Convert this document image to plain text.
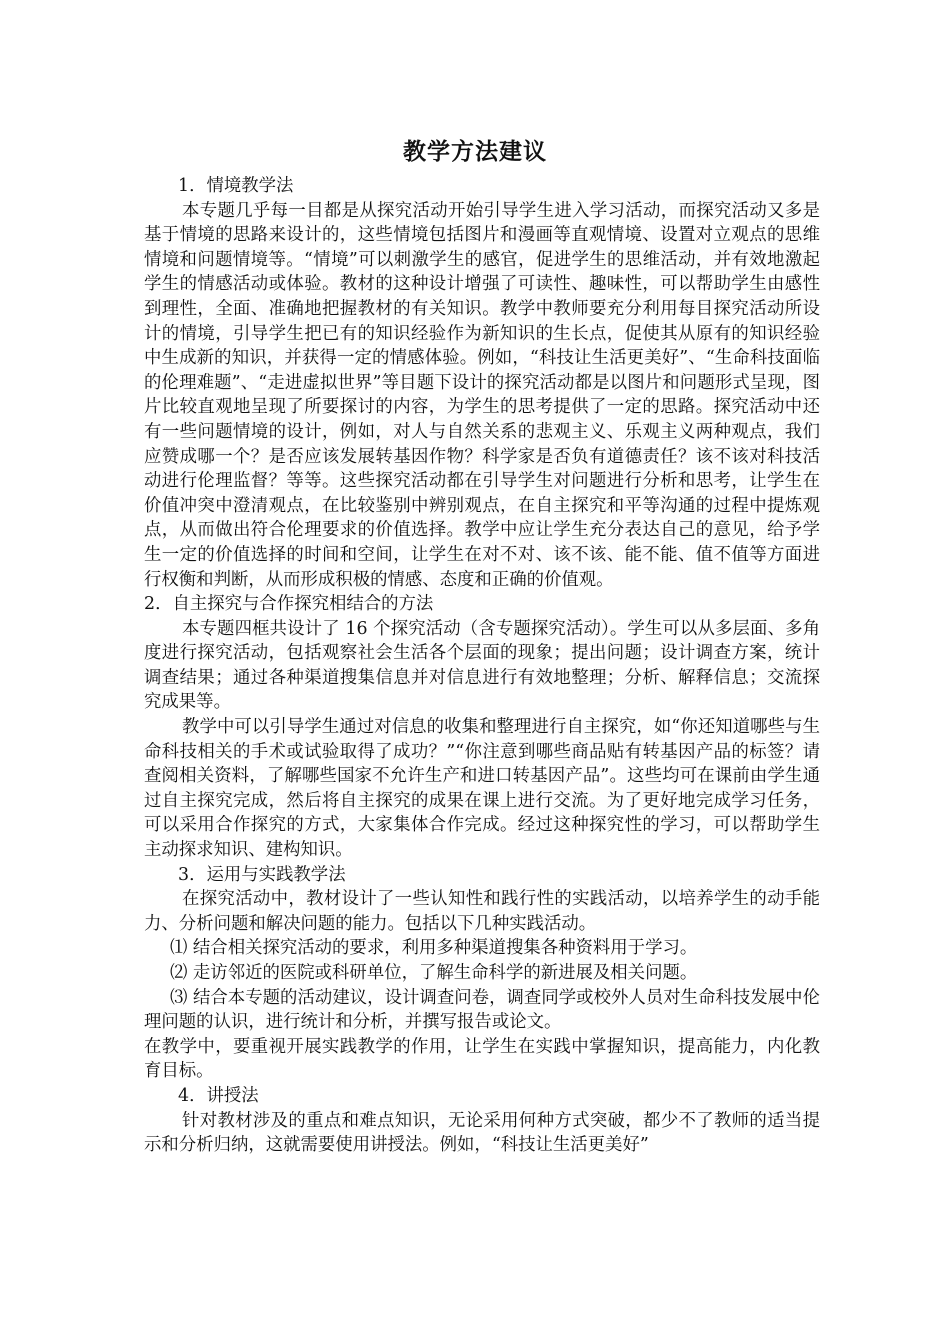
教学方法建议

1．情境教学法

本专题几乎每一目都是从探究活动开始引导学生进入学习活动，而探究活动又多是基于情境的思路来设计的，这些情境包括图片和漫画等直观情境、设置对立观点的思维情境和问题情境等。“情境”可以刺激学生的感官，促进学生的思维活动，并有效地激起学生的情感活动或体验。教材的这种设计增强了可读性、趣味性，可以帮助学生由感性到理性，全面、准确地把握教材的有关知识。教学中教师要充分利用每目探究活动所设计的情境，引导学生把已有的知识经验作为新知识的生长点，促使其从原有的知识经验中生成新的知识，并获得一定的情感体验。例如，“科技让生活更美好”、“生命科技面临的伦理难题”、“走进虚拟世界”等目题下设计的探究活动都是以图片和问题形式呈现，图片比较直观地呈现了所要探讨的内容，为学生的思考提供了一定的思路。探究活动中还有一些问题情境的设计，例如，对人与自然关系的悲观主义、乐观主义两种观点，我们应赞成哪一个？是否应该发展转基因作物？科学家是否负有道德责任？该不该对科技活动进行伦理监督？等等。这些探究活动都在引导学生对问题进行分析和思考，让学生在价值冲突中澄清观点，在比较鉴别中辨别观点，在自主探究和平等沟通的过程中提炼观点，从而做出符合伦理要求的价值选择。教学中应让学生充分表达自己的意见，给予学生一定的价值选择的时间和空间，让学生在对不对、该不该、能不能、值不值等方面进行权衡和判断，从而形成积极的情感、态度和正确的价值观。

2．自主探究与合作探究相结合的方法

本专题四框共设计了 16 个探究活动（含专题探究活动）。学生可以从多层面、多角度进行探究活动，包括观察社会生活各个层面的现象；提出问题；设计调查方案，统计调查结果；通过各种渠道搜集信息并对信息进行有效地整理；分析、解释信息；交流探究成果等。

教学中可以引导学生通过对信息的收集和整理进行自主探究，如“你还知道哪些与生命科技相关的手术或试验取得了成功？”“你注意到哪些商品贴有转基因产品的标签？请查阅相关资料，了解哪些国家不允许生产和进口转基因产品”。这些均可在课前由学生通过自主探究完成，然后将自主探究的成果在课上进行交流。为了更好地完成学习任务，可以采用合作探究的方式，大家集体合作完成。经过这种探究性的学习，可以帮助学生主动探求知识、建构知识。

3．运用与实践教学法

在探究活动中，教材设计了一些认知性和践行性的实践活动，以培养学生的动手能力、分析问题和解决问题的能力。包括以下几种实践活动。

⑴ 结合相关探究活动的要求，利用多种渠道搜集各种资料用于学习。

⑵ 走访邻近的医院或科研单位，了解生命科学的新进展及相关问题。

⑶ 结合本专题的活动建议，设计调查问卷，调查同学或校外人员对生命科技发展中伦理问题的认识，进行统计和分析，并撰写报告或论文。

在教学中，要重视开展实践教学的作用，让学生在实践中掌握知识，提高能力，内化教育目标。

4．讲授法

针对教材涉及的重点和难点知识，无论采用何种方式突破，都少不了教师的适当提示和分析归纳，这就需要使用讲授法。例如，“科技让生活更美好”
